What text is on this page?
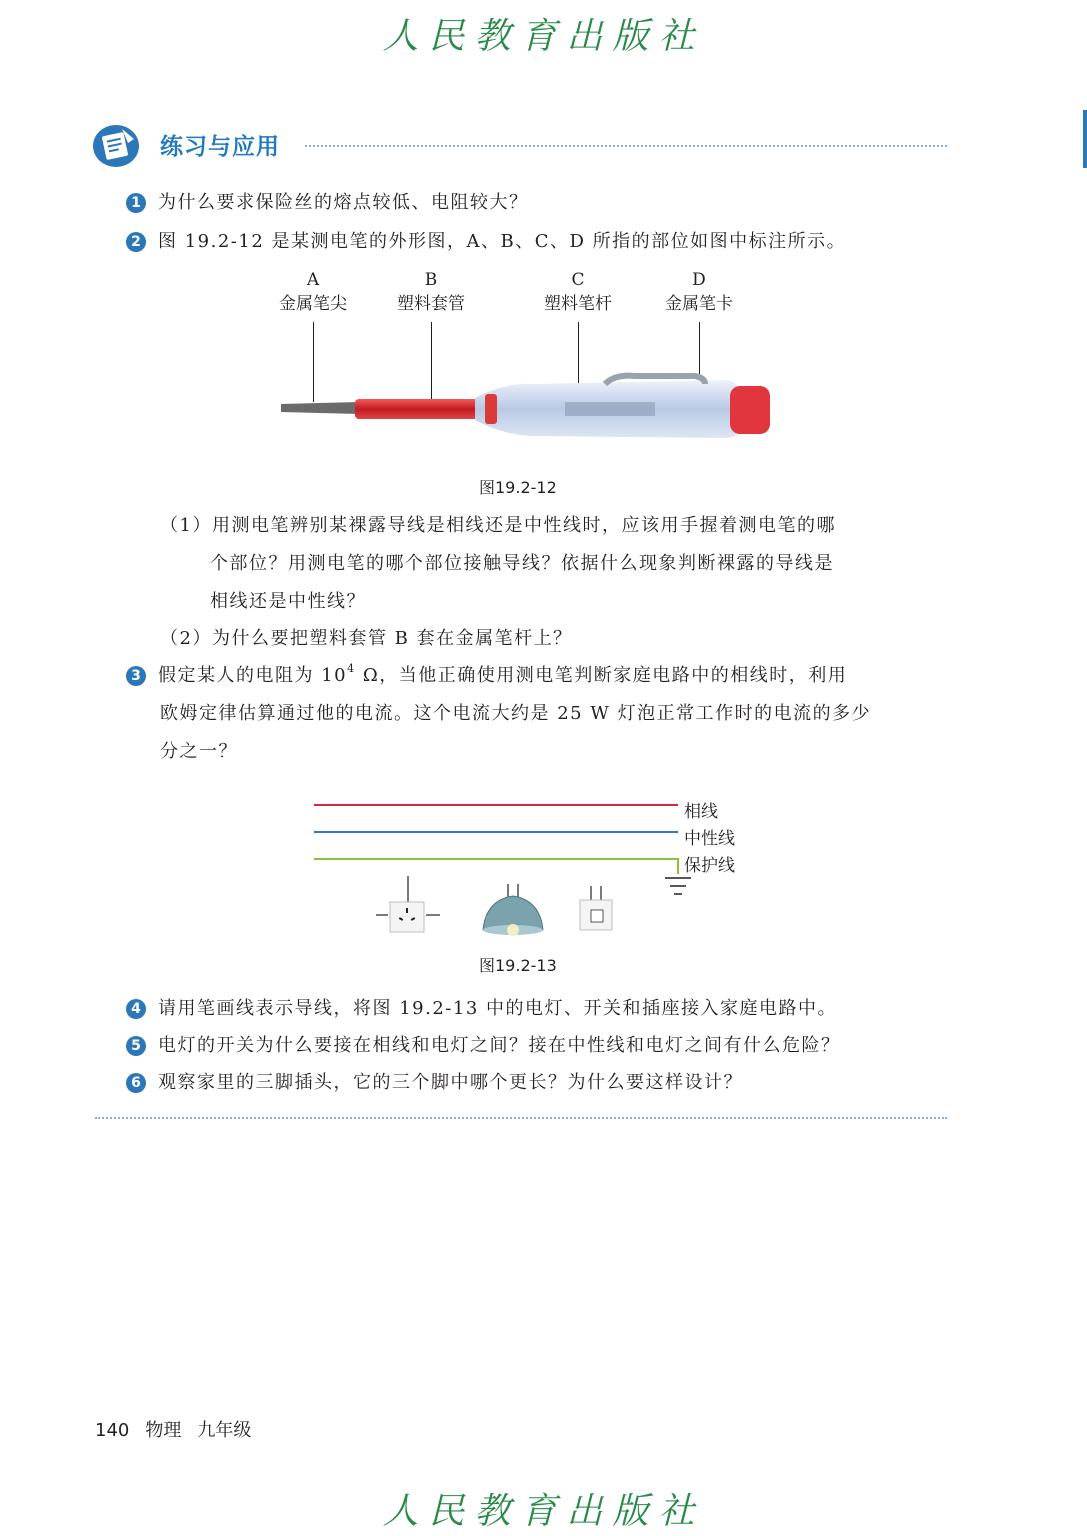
人民教育出版社
练习与应用
1 为什么要求保险丝的熔点较低、电阻较大？
2 图 19.2-12 是某测电笔的外形图，A、B、C、D 所指的部位如图中标注所示。
A
金属笔尖
B
塑料套管
C
塑料笔杆
D
金属笔卡
图19.2-12
（1）用测电笔辨别某裸露导线是相线还是中性线时，应该用手握着测电笔的哪
个部位？用测电笔的哪个部位接触导线？依据什么现象判断裸露的导线是
相线还是中性线？
（2）为什么要把塑料套管 B 套在金属笔杆上？
3 假定某人的电阻为 $10^4$ Ω，当他正确使用测电笔判断家庭电路中的相线时，利用
欧姆定律估算通过他的电流。这个电流大约是 25 W 灯泡正常工作时的电流的多少
分之一？
相线
中性线
保护线
图19.2-13
4 请用笔画线表示导线，将图 19.2-13 中的电灯、开关和插座接入家庭电路中。
5 电灯的开关为什么要接在相线和电灯之间？接在中性线和电灯之间有什么危险？
6 观察家里的三脚插头，它的三个脚中哪个更长？为什么要这样设计？
140 物理 九年级
人民教育出版社
